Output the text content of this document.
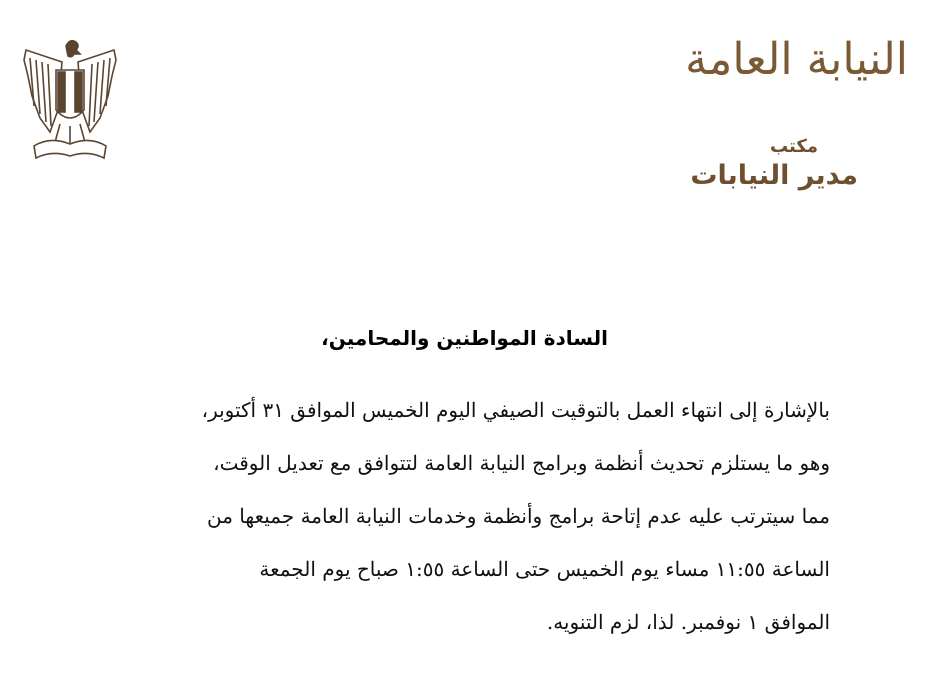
النيابة العامة
مكتب
مدير النيابات
السادة المواطنين والمحامين،
بالإشارة إلى انتهاء العمل بالتوقيت الصيفي اليوم الخميس الموافق ٣١ أكتوبر،
وهو ما يستلزم تحديث أنظمة وبرامج النيابة العامة لتتوافق مع تعديل الوقت،
مما سيترتب عليه عدم إتاحة برامج وأنظمة وخدمات النيابة العامة جميعها من
الساعة ١١:٥٥ مساء يوم الخميس حتى الساعة ١:٥٥ صباح يوم الجمعة
الموافق ١ نوفمبر. لذا، لزم التنويه.
